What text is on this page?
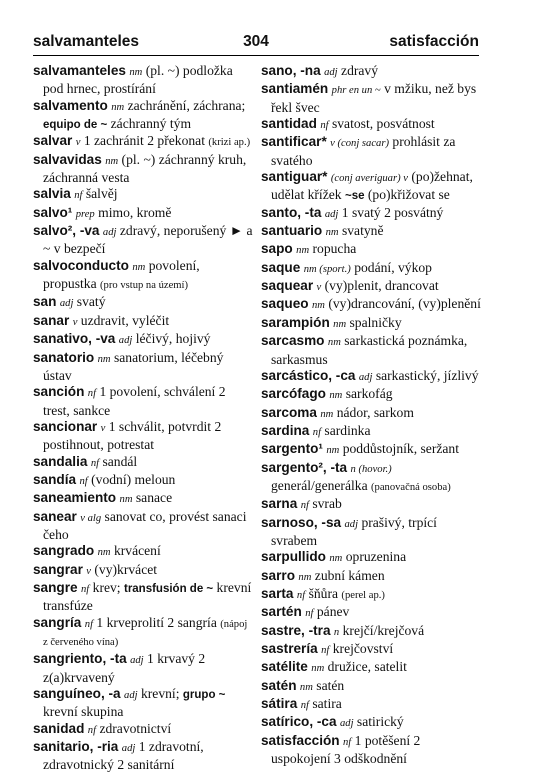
salvamanteles	304	satisfacción

salvamanteles nm (pl. ~) podložka pod hrnec, prostírání

salvamento nm zachránění, záchrana; equipo de ~ záchranný tým

salvar v 1 zachránit 2 překonat (krizi ap.)

salvavidas nm (pl. ~) záchranný kruh, záchranná vesta

salvia nf šalvěj

salvo¹ prep mimo, kromě

salvo², -va adj zdravý, neporušený ► a ~ v bezpečí

salvoconducto nm povolení, propustka (pro vstup na území)

san adj svatý

sanar v uzdravit, vyléčit

sanativo, -va adj léčivý, hojivý

sanatorio nm sanatorium, léčebný ústav

sanción nf 1 povolení, schválení 2 trest, sankce

sancionar v 1 schválit, potvrdit 2 postihnout, potrestat

sandalia nf sandál

sandía nf (vodní) meloun

saneamiento nm sanace

sanear v alg sanovat co, provést sanaci čeho

sangrado nm krvácení

sangrar v (vy)krvácet

sangre nf krev; transfusión de ~ krevní transfúze

sangría nf 1 krveprolití 2 sangría (nápoj z červeného vína)

sangriento, -ta adj 1 krvavý 2 z(a)krvavený

sanguíneo, -a adj krevní; grupo ~ krevní skupina

sanidad nf zdravotnictví

sanitario, -ria adj 1 zdravotní, zdravotnický 2 sanitární

sano, -na adj zdravý

santiamén phr en un ~ v mžiku, než bys řekl švec

santidad nf svatost, posvátnost

santificar* v (conj sacar) prohlásit za svatého

santiguar* (conj averiguar) v (po)žehnat, udělat křížek ~se (po)křižovat se

santo, -ta adj 1 svatý 2 posvátný

santuario nm svatyně

sapo nm ropucha

saque nm (sport.) podání, výkop

saquear v (vy)plenit, drancovat

saqueo nm (vy)drancování, (vy)plenění

sarampión nm spalničky

sarcasmo nm sarkastická poznámka, sarkasmus

sarcástico, -ca adj sarkastický, jízlivý

sarcófago nm sarkofág

sarcoma nm nádor, sarkom

sardina nf sardinka

sargento¹ nm poddůstojník, seržant

sargento², -ta n (hovor.) generál/generálka (panovačná osoba)

sarna nf svrab

sarnoso, -sa adj prašivý, trpící svrabem

sarpullido nm opruzenina

sarro nm zubní kámen

sarta nf šňůra (perel ap.)

sartén nf pánev

sastre, -tra n krejčí/krejčová

sastrería nf krejčovství

satélite nm družice, satelit

satén nm satén

sátira nf satira

satírico, -ca adj satirický

satisfacción nf 1 potěšení 2 uspokojení 3 odškodnění
